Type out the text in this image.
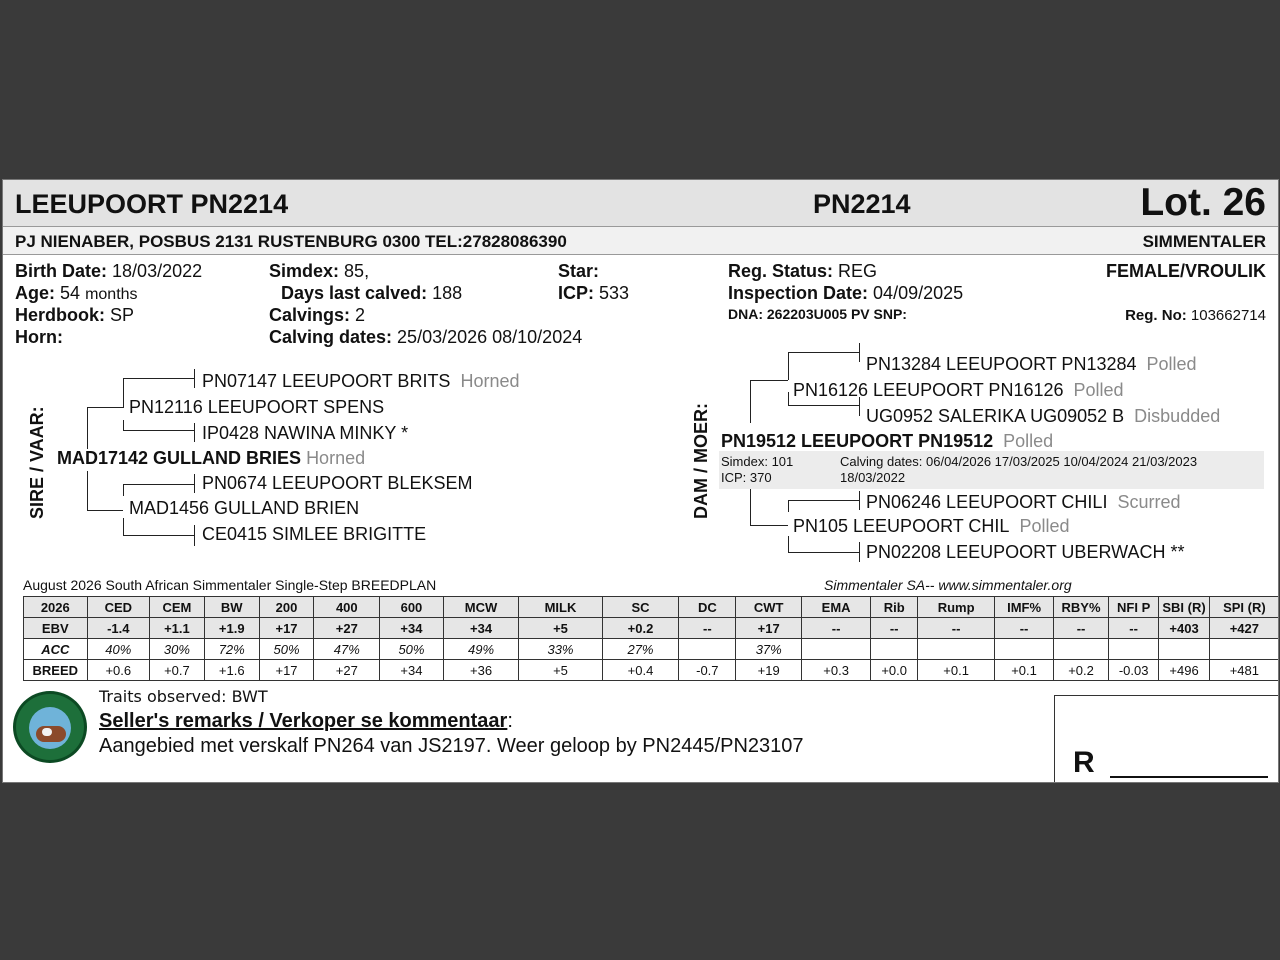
LEEUPOORT PN2214	PN2214	Lot. 26
PJ NIENABER, POSBUS 2131 RUSTENBURG 0300 TEL:27828086390	SIMMENTALER
Birth Date: 18/03/2022
Age: 54 months
Herdbook: SP
Horn:
Simdex: 85,
Days last calved: 188
Calvings: 2
Calving dates: 25/03/2026 08/10/2024
Star:
ICP: 533
Reg. Status: REG
Inspection Date: 04/09/2025
DNA: 262203U005 PV SNP:
FEMALE/VROULIK
Reg. No: 103662714
SIRE / VAAR:
PN07147 LEEUPOORT BRITS Horned
PN12116 LEEUPOORT SPENS
IP0428 NAWINA MINKY *
MAD17142 GULLAND BRIES Horned
PN0674 LEEUPOORT BLEKSEM
MAD1456 GULLAND BRIEN
CE0415 SIMLEE BRIGITTE
DAM / MOER:
PN13284 LEEUPOORT PN13284 Polled
PN16126 LEEUPOORT PN16126 Polled
UG0952 SALERIKA UG09052 B Disbudded
PN19512 LEEUPOORT PN19512 Polled
Simdex: 101
ICP: 370
Calving dates: 06/04/2026 17/03/2025 10/04/2024 21/03/2023
18/03/2022
PN06246 LEEUPOORT CHILI Scurred
PN105 LEEUPOORT CHIL Polled
PN02208 LEEUPOORT UBERWACH **
August 2026 South African Simmentaler Single-Step BREEDPLAN	Simmentaler SA-- www.simmentaler.org
2026	CED	CEM	BW	200	400	600	MCW	MILK	SC	DC	CWT	EMA	Rib	Rump	IMF%	RBY%	NFI P	SBI (R)	SPI (R)
EBV	-1.4	+1.1	+1.9	+17	+27	+34	+34	+5	+0.2	--	+17	--	--	--	--	--	--	+403	+427
ACC	40%	30%	72%	50%	47%	50%	49%	33%	27%		37%								
BREED	+0.6	+0.7	+1.6	+17	+27	+34	+36	+5	+0.4	-0.7	+19	+0.3	+0.0	+0.1	+0.1	+0.2	-0.03	+496	+481
Traits observed: BWT
Seller's remarks / Verkoper se kommentaar:
Aangebied met verskalf PN264 van JS2197. Weer geloop by PN2445/PN23107	R
